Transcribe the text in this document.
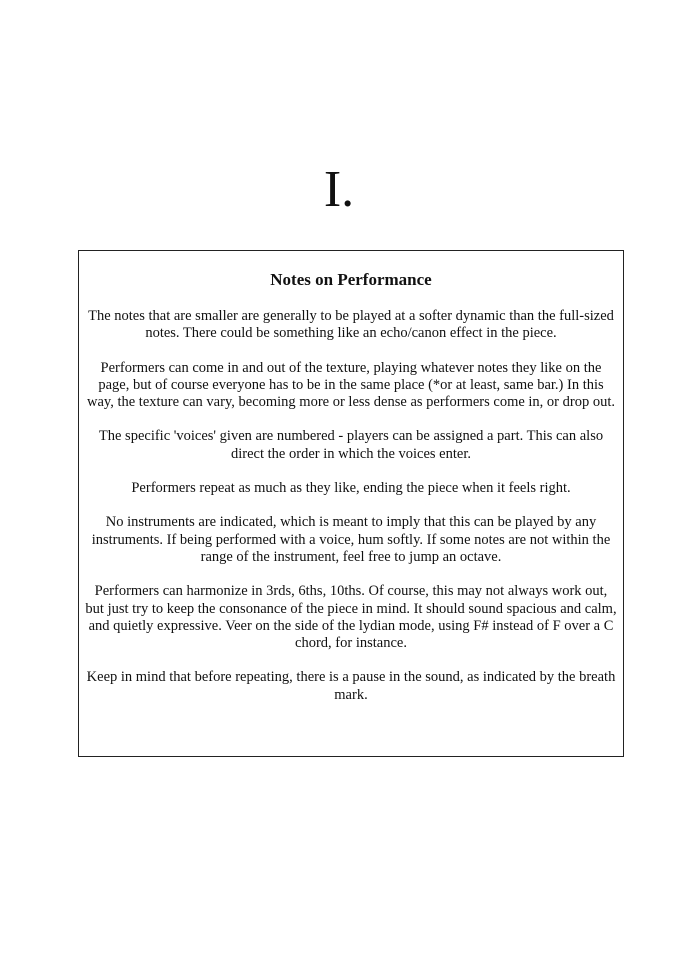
I.

Notes on Performance

The notes that are smaller are generally to be played at a softer dynamic than the full-sized notes. There could be something like an echo/canon effect in the piece.

Performers can come in and out of the texture, playing whatever notes they like on the page, but of course everyone has to be in the same place (*or at least, same bar.) In this way, the texture can vary, becoming more or less dense as performers come in, or drop out.

The specific 'voices' given are numbered - players can be assigned a part. This can also direct the order in which the voices enter.

Performers repeat as much as they like, ending the piece when it feels right.

No instruments are indicated, which is meant to imply that this can be played by any instruments. If being performed with a voice, hum softly. If some notes are not within the range of the instrument, feel free to jump an octave.

Performers can harmonize in 3rds, 6ths, 10ths. Of course, this may not always work out, but just try to keep the consonance of the piece in mind. It should sound spacious and calm, and quietly expressive. Veer on the side of the lydian mode, using F# instead of F over a C chord, for instance.

Keep in mind that before repeating, there is a pause in the sound, as indicated by the breath mark.
